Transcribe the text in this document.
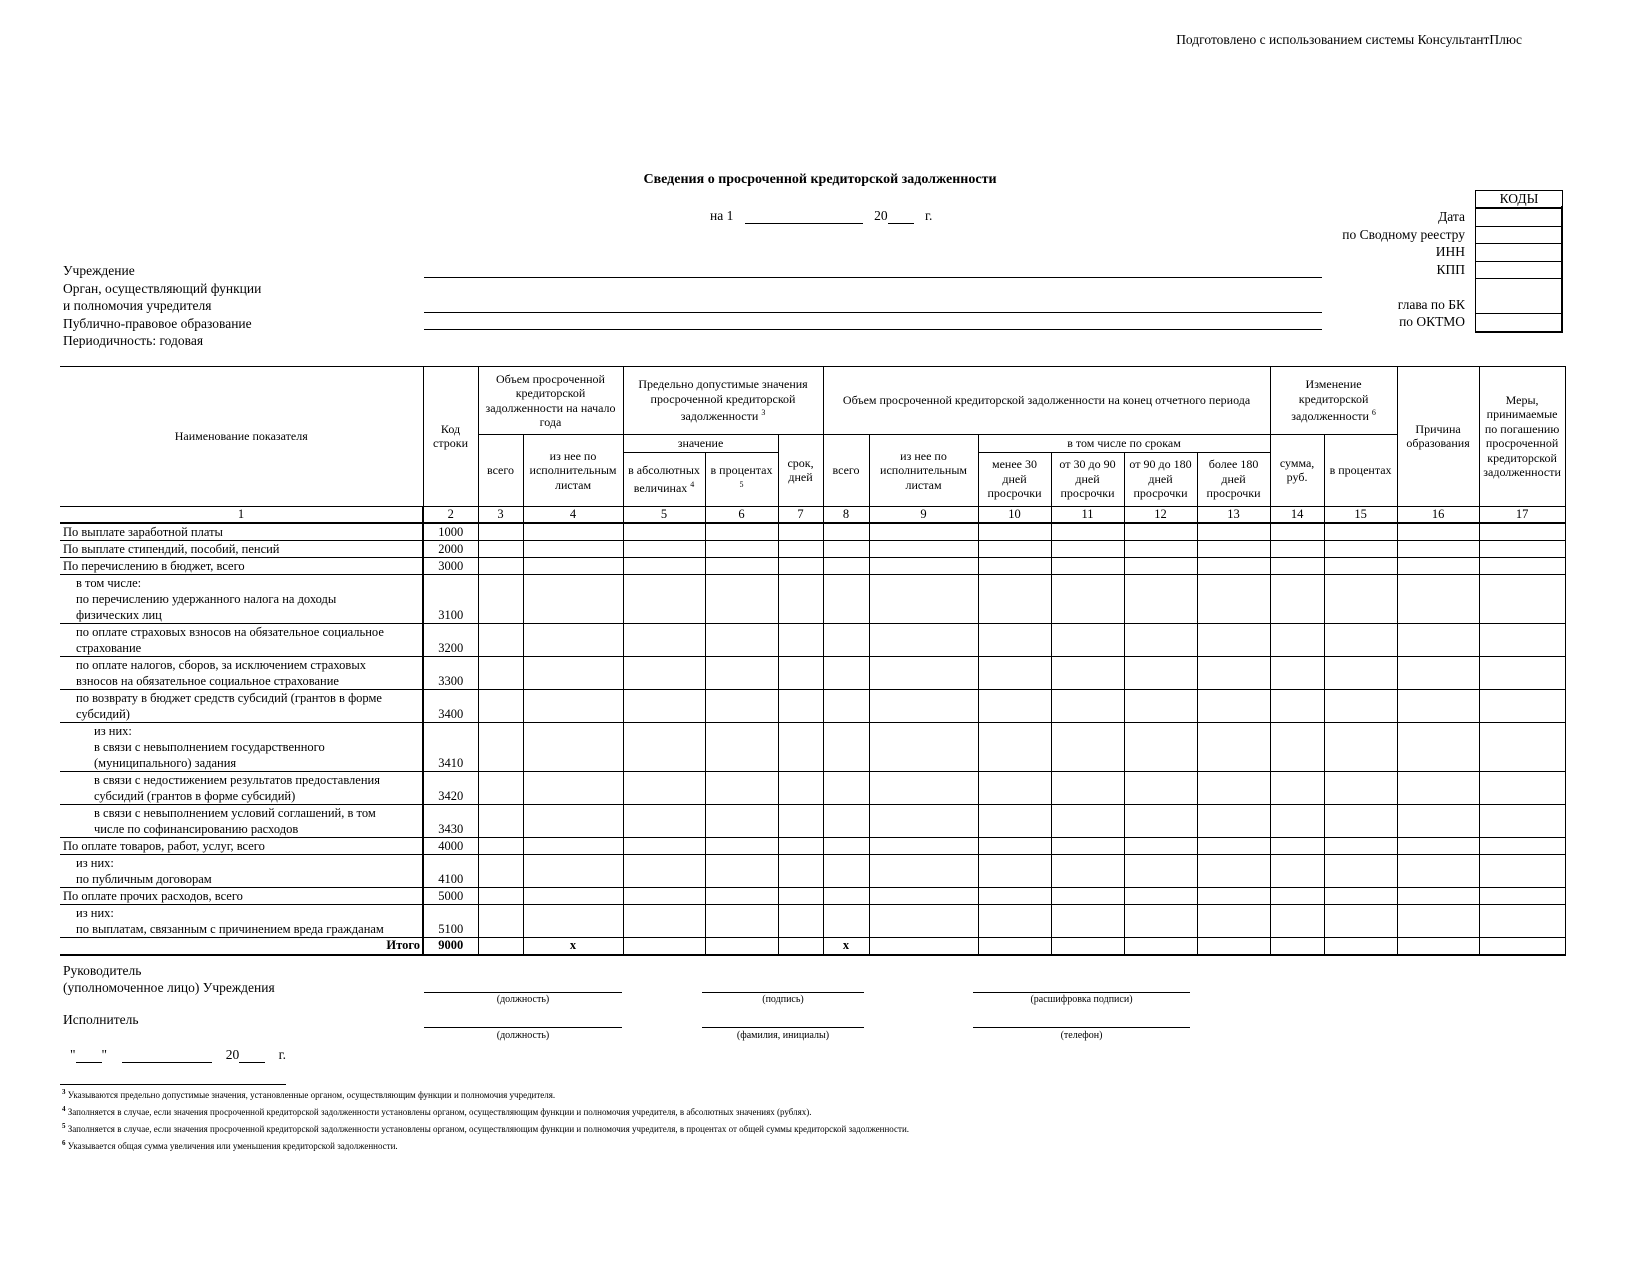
Подготовлено с использованием системы КонсультантПлюс
Сведения о просроченной кредиторской задолженности
на 1	20	г.
Учреждение
Орган, осуществляющий функции
и полномочия учредителя
Публично-правовое образование
Периодичность: годовая
Дата
по Сводному реестру
ИНН
КПП
глава по БК
по ОКТМО
КОДЫ
Наименование показателя	Код строки	Объем просроченной кредиторской задолженности на начало года		Предельно допустимые значения просроченной кредиторской задолженности $^3$			Объем просроченной кредиторской задолженности на конец отчетного периода						Изменение кредиторской задолженности $^6$		Причина образования	Меры, принимаемые по погашению просроченной кредиторской задолженности
		всего	из нее по исполнительным листам	значение		срок, дней	всего	из нее по исполнительным листам	в том числе по срокам				сумма, руб.	в процентах		
				в абсолютных величинах $^4$	в процентах $^5$				менее 30 дней просрочки	от 30 до 90 дней просрочки	от 90 до 180 дней просрочки	более 180 дней просрочки				
1	2	3	4	5	6	7	8	9	10	11	12	13	14	15	16	17
По выплате заработной платы	1000															
По выплате стипендий, пособий, пенсий	2000															
По перечислению в бюджет, всего	3000															

в том числе:
по перечислению удержанного налога на доходы
физических лиц	3100															

по оплате страховых взносов на обязательное социальное
страхование	3200															

по оплате налогов, сборов, за исключением страховых
взносов на обязательное социальное страхование	3300															

по возврату в бюджет средств субсидий (грантов в форме
субсидий)	3400															

из них:
в связи с невыполнением государственного
(муниципального) задания	3410															

в связи с недостижением результатов предоставления
субсидий (грантов в форме субсидий)	3420															

в связи с невыполнением условий соглашений, в том
числе по софинансированию расходов	3430															
По оплате товаров, работ, услуг, всего	4000															

из них:
по публичным договорам	4100															
По оплате прочих расходов, всего	5000															

из них:
по выплатам, связанным с причинением вреда гражданам	5100															
Итого	9000		x				x									
Руководитель
(уполномоченное лицо) Учреждения
(должность)	(подпись)	(расшифровка подписи)
Исполнитель
(должность)	(фамилия, инициалы)	(телефон)
" "	20	г.
$^3$ Указываются предельно допустимые значения, установленные органом, осуществляющим функции и полномочия учредителя.
$^4$ Заполняется в случае, если значения просроченной кредиторской задолженности установлены органом, осуществляющим функции и полномочия учредителя, в абсолютных значениях (рублях).
$^5$ Заполняется в случае, если значения просроченной кредиторской задолженности установлены органом, осуществляющим функции и полномочия учредителя, в процентах от общей суммы кредиторской задолженности.
$^6$ Указывается общая сумма увеличения или уменьшения кредиторской задолженности.
